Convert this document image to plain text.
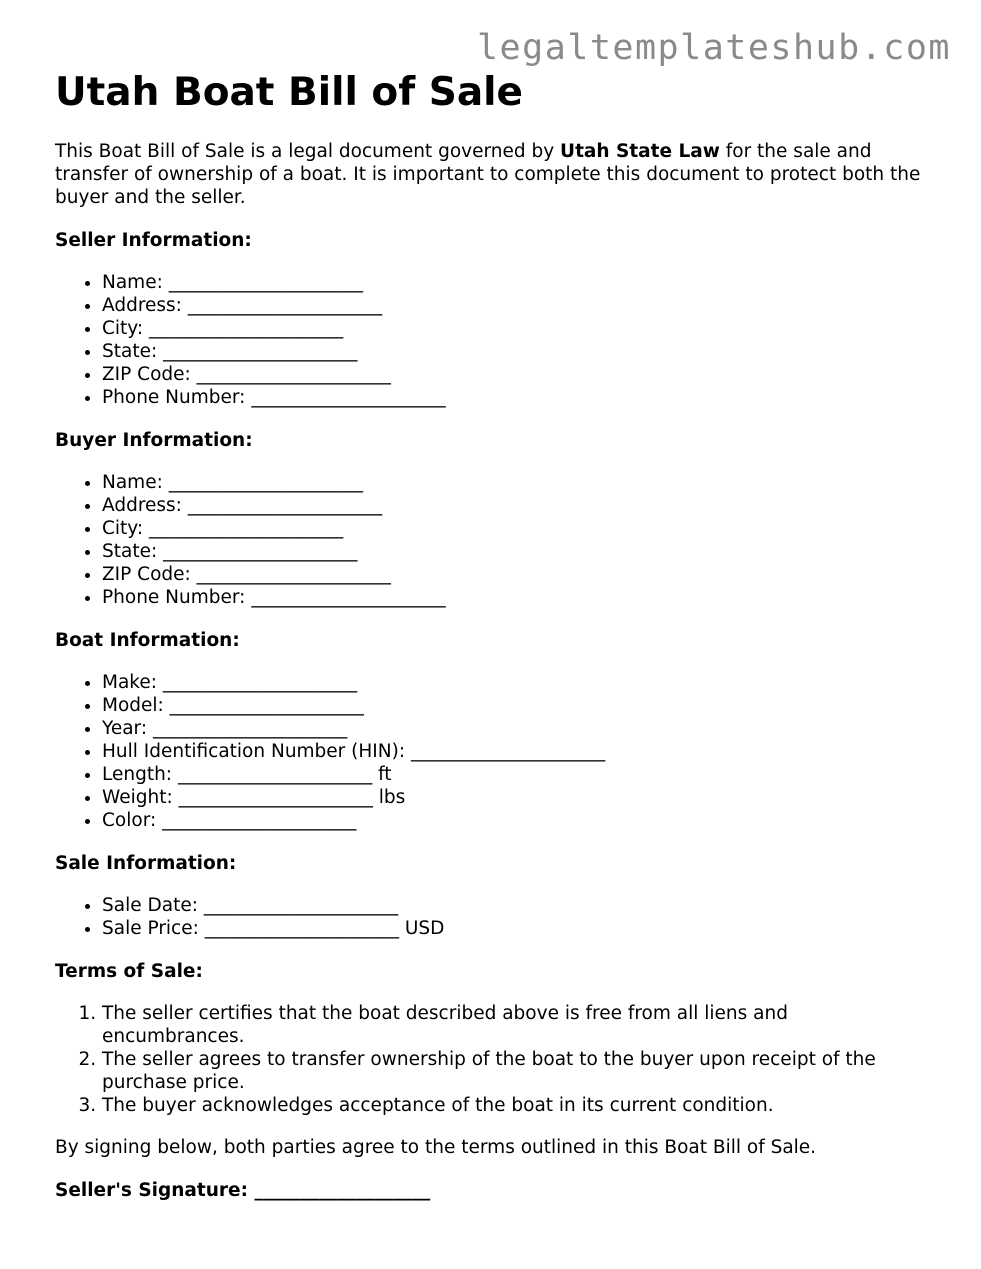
legaltemplateshub.com
Utah Boat Bill of Sale

This Boat Bill of Sale is a legal document governed by Utah State Law for the sale and transfer of ownership of a boat. It is important to complete this document to protect both the buyer and the seller.

Seller Information:

• Name: _____________________
• Address: _____________________
• City: _____________________
• State: _____________________
• ZIP Code: _____________________
• Phone Number: _____________________

Buyer Information:

• Name: _____________________
• Address: _____________________
• City: _____________________
• State: _____________________
• ZIP Code: _____________________
• Phone Number: _____________________

Boat Information:

• Make: _____________________
• Model: _____________________
• Year: _____________________
• Hull Identification Number (HIN): _____________________
• Length: _____________________ ft
• Weight: _____________________ lbs
• Color: _____________________

Sale Information:

• Sale Date: _____________________
• Sale Price: _____________________ USD

Terms of Sale:

1. The seller certifies that the boat described above is free from all liens and encumbrances.
2. The seller agrees to transfer ownership of the boat to the buyer upon receipt of the purchase price.
3. The buyer acknowledges acceptance of the boat in its current condition.

By signing below, both parties agree to the terms outlined in this Boat Bill of Sale.

Seller's Signature: ___________________
